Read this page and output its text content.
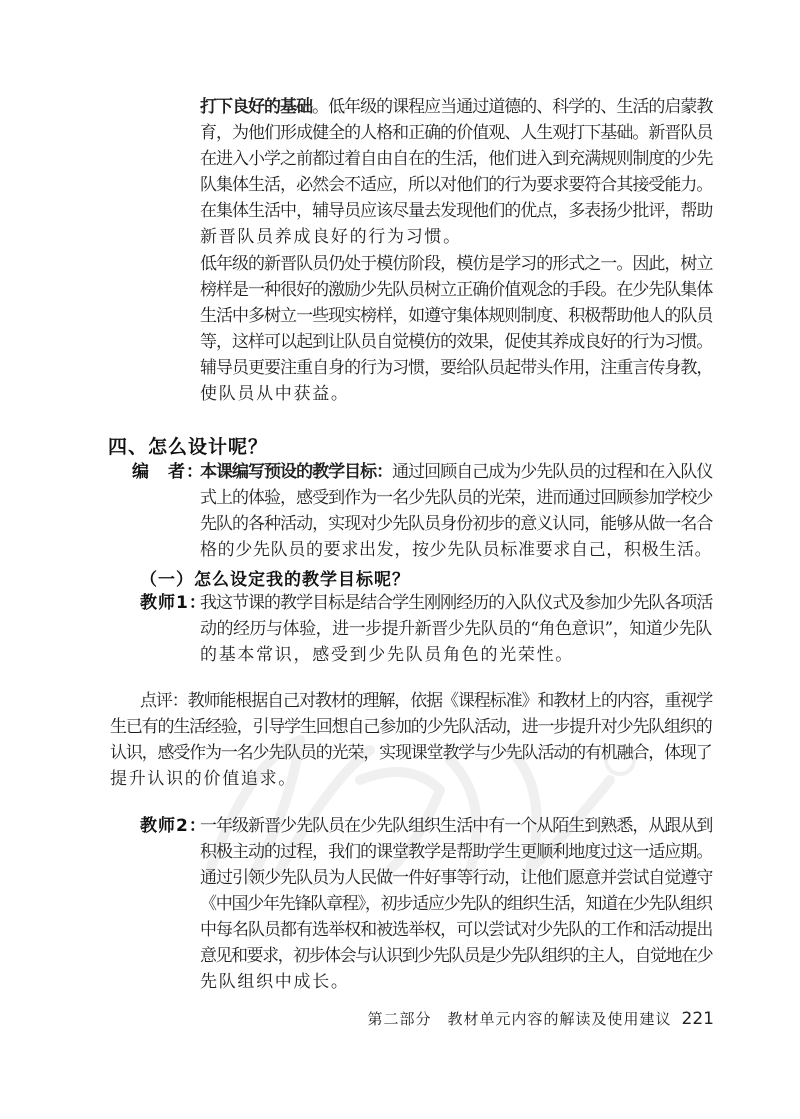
打下良好的基础。低年级的课程应当通过道德的、科学的、生活的启蒙教
育，为他们形成健全的人格和正确的价值观、人生观打下基础。新晋队员
在进入小学之前都过着自由自在的生活，他们进入到充满规则制度的少先
队集体生活，必然会不适应，所以对他们的行为要求要符合其接受能力。
在集体生活中，辅导员应该尽量去发现他们的优点，多表扬少批评，帮助
新晋队员养成良好的行为习惯。
低年级的新晋队员仍处于模仿阶段，模仿是学习的形式之一。因此，树立
榜样是一种很好的激励少先队员树立正确价值观念的手段。在少先队集体
生活中多树立一些现实榜样，如遵守集体规则制度、积极帮助他人的队员
等，这样可以起到让队员自觉模仿的效果，促使其养成良好的行为习惯。
辅导员更要注重自身的行为习惯，要给队员起带头作用，注重言传身教，
使队员从中获益。
四、怎么设计呢？
编　者：
本课编写预设的教学目标：通过回顾自己成为少先队员的过程和在入队仪
式上的体验，感受到作为一名少先队员的光荣，进而通过回顾参加学校少
先队的各种活动，实现对少先队员身份初步的意义认同，能够从做一名合
格的少先队员的要求出发，按少先队员标准要求自己，积极生活。
（一）怎么设定我的教学目标呢？
教师1：
我这节课的教学目标是结合学生刚刚经历的入队仪式及参加少先队各项活
动的经历与体验，进一步提升新晋少先队员的“角色意识”，知道少先队
的基本常识，感受到少先队员角色的光荣性。
点评：教师能根据自己对教材的理解，依据《课程标准》和教材上的内容，重视学
生已有的生活经验，引导学生回想自己参加的少先队活动，进一步提升对少先队组织的
认识，感受作为一名少先队员的光荣，实现课堂教学与少先队活动的有机融合，体现了
提升认识的价值追求。
教师2：
一年级新晋少先队员在少先队组织生活中有一个从陌生到熟悉，从跟从到
积极主动的过程，我们的课堂教学是帮助学生更顺利地度过这一适应期。
通过引领少先队员为人民做一件好事等行动，让他们愿意并尝试自觉遵守
《中国少年先锋队章程》，初步适应少先队的组织生活，知道在少先队组织
中每名队员都有选举权和被选举权，可以尝试对少先队的工作和活动提出
意见和要求，初步体会与认识到少先队员是少先队组织的主人，自觉地在少
先队组织中成长。
第二部分　教材单元内容的解读及使用建议 221
